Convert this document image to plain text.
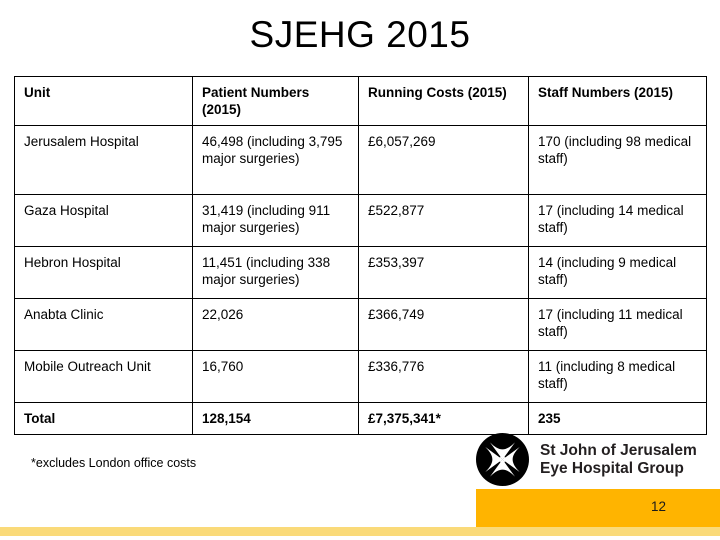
SJEHG 2015
Unit	Patient Numbers (2015)	Running Costs (2015)	Staff Numbers (2015)
Jerusalem Hospital	46,498 (including 3,795 major surgeries)	£6,057,269	170 (including 98 medical staff)
Gaza Hospital	31,419 (including 911 major surgeries)	£522,877	17 (including 14 medical staff)
Hebron Hospital	11,451 (including 338 major surgeries)	£353,397	14 (including 9 medical staff)
Anabta Clinic	22,026	£366,749	17 (including 11 medical staff)
Mobile Outreach Unit	16,760	£336,776	11 (including 8 medical staff)
Total	128,154	£7,375,341*	235
*excludes London office costs
St John of Jerusalem
Eye Hospital Group
12
